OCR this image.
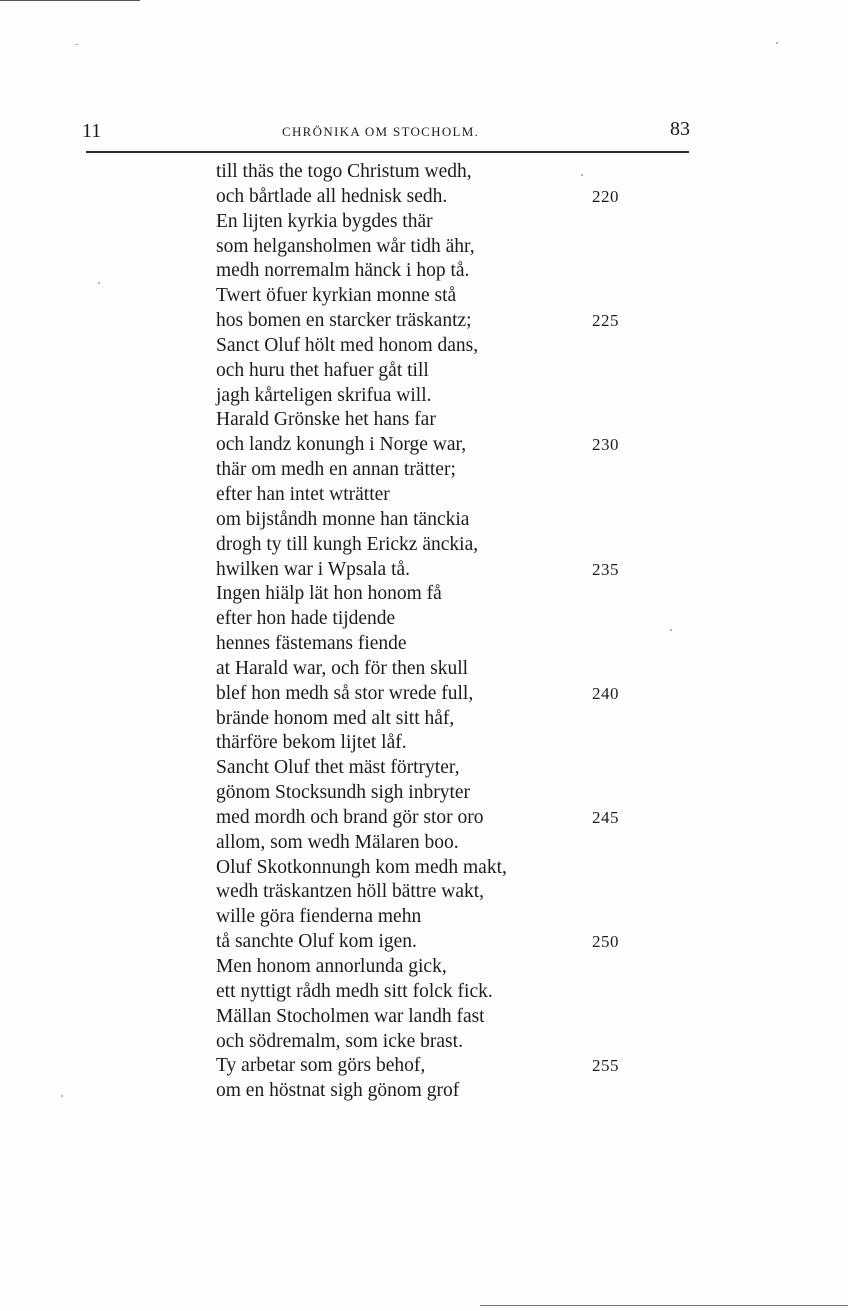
11	CHRÖNIKA OM STOCHOLM.	83
till thäs the togo Christum wedh,
och bårtlade all hednisk sedh.	220
En lijten kyrkia bygdes thär
som helgansholmen wår tidh ähr,
medh norremalm hänck i hop tå.
Twert öfuer kyrkian monne stå
hos bomen en starcker träskantz;	225
Sanct Oluf hölt med honom dans,
och huru thet hafuer gåt till
jagh kårteligen skrifua will.
Harald Grönske het hans far
och landz konungh i Norge war,	230
thär om medh en annan trätter;
efter han intet wträtter
om bijståndh monne han tänckia
drogh ty till kungh Erickz änckia,
hwilken war i Wpsala tå.	235
Ingen hiälp lät hon honom få
efter hon hade tijdende
hennes fästemans fiende
at Harald war, och för then skull
blef hon medh så stor wrede full,	240
brände honom med alt sitt håf,
thärföre bekom lijtet låf.
Sancht Oluf thet mäst förtryter,
gönom Stocksundh sigh inbryter
med mordh och brand gör stor oro	245
allom, som wedh Mälaren boo.
Oluf Skotkonnungh kom medh makt,
wedh träskantzen höll bättre wakt,
wille göra fienderna mehn
tå sanchte Oluf kom igen.	250
Men honom annorlunda gick,
ett nyttigt rådh medh sitt folck fick.
Mällan Stocholmen war landh fast
och södremalm, som icke brast.
Ty arbetar som görs behof,	255
om en höstnat sigh gönom grof
